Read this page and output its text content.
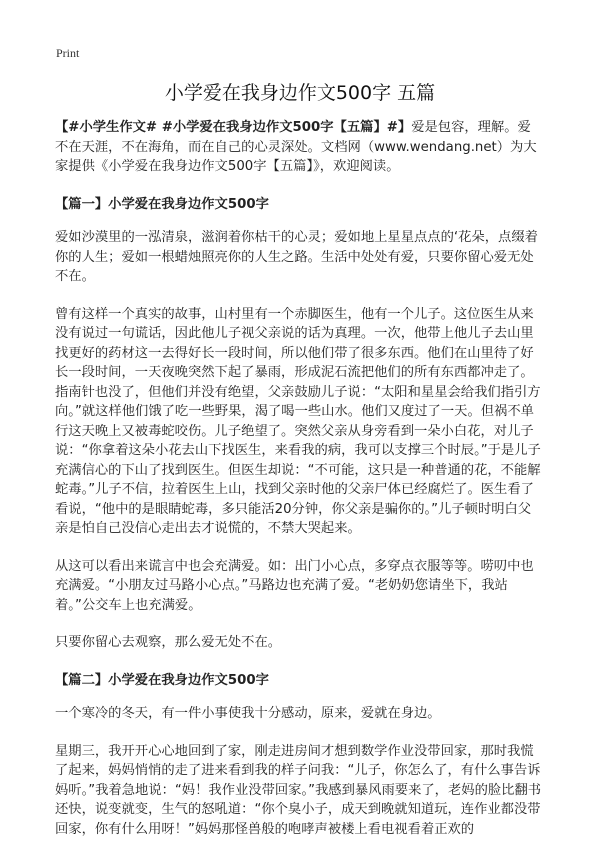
Print
小学爱在我身边作文500字 五篇

【#小学生作文# #小学爱在我身边作文500字【五篇】#】爱是包容，理解。爱不在天涯，不在海角，而在自己的心灵深处。文档网（www.wendang.net）为大家提供《小学爱在我身边作文500字【五篇】》，欢迎阅读。

【篇一】小学爱在我身边作文500字

爱如沙漠里的一泓清泉，滋润着你枯干的心灵；爱如地上星星点点的‘花朵，点缀着你的人生；爱如一根蜡烛照亮你的人生之路。生活中处处有爱，只要你留心爱无处不在。

曾有这样一个真实的故事，山村里有一个赤脚医生，他有一个儿子。这位医生从来没有说过一句谎话，因此他儿子视父亲说的话为真理。一次，他带上他儿子去山里找更好的药材这一去得好长一段时间，所以他们带了很多东西。他们在山里待了好长一段时间，一天夜晚突然下起了暴雨，形成泥石流把他们的所有东西都冲走了。指南针也没了，但他们并没有绝望，父亲鼓励儿子说：“太阳和星星会给我们指引方向。”就这样他们饿了吃一些野果，渴了喝一些山水。他们又度过了一天。但祸不单行这天晚上又被毒蛇咬伤。儿子绝望了。突然父亲从身旁看到一朵小白花，对儿子说：“你拿着这朵小花去山下找医生，来看我的病，我可以支撑三个时辰。”于是儿子充满信心的下山了找到医生。但医生却说：“不可能，这只是一种普通的花，不能解蛇毒。”儿子不信，拉着医生上山，找到父亲时他的父亲尸体已经腐烂了。医生看了看说，“他中的是眼睛蛇毒，多只能活20分钟，你父亲是骗你的。”儿子顿时明白父亲是怕自己没信心走出去才说慌的，不禁大哭起来。

从这可以看出来谎言中也会充满爱。如：出门小心点，多穿点衣服等等。唠叨中也充满爱。“小朋友过马路小心点。”马路边也充满了爱。“老奶奶您请坐下，我站着。”公交车上也充满爱。

只要你留心去观察，那么爱无处不在。

【篇二】小学爱在我身边作文500字

一个寒冷的冬天，有一件小事使我十分感动，原来，爱就在身边。

星期三，我开开心心地回到了家，刚走进房间才想到数学作业没带回家，那时我慌了起来，妈妈悄悄的走了进来看到我的样子问我：“儿子，你怎么了，有什么事告诉妈听。”我着急地说：“妈！我作业没带回家。”我感到暴风雨要来了，老妈的脸比翻书还快，说变就变，生气的怒吼道：“你个臭小子，成天到晚就知道玩，连作业都没带回家，你有什么用呀！”妈妈那怪兽般的咆哮声被楼上看电视看着正欢的
